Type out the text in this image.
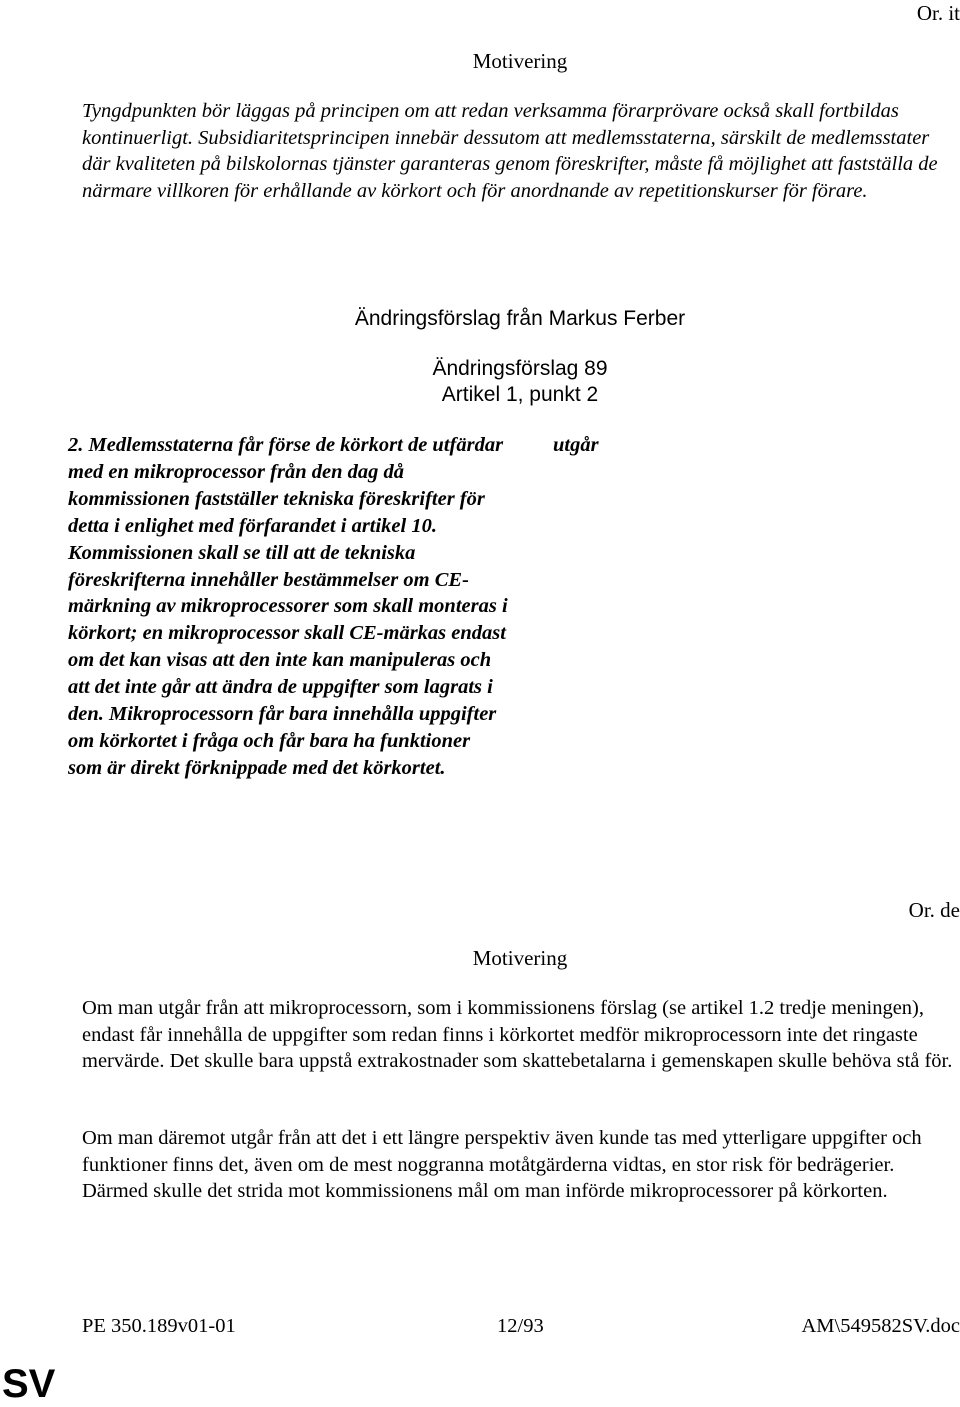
Or. it
Motivering
Tyngdpunkten bör läggas på principen om att redan verksamma förarprövare också skall fortbildas kontinuerligt. Subsidiaritetsprincipen innebär dessutom att medlemsstaterna, särskilt de medlemsstater där kvaliteten på bilskolornas tjänster garanteras genom föreskrifter, måste få möjlighet att fastställa de närmare villkoren för erhållande av körkort och för anordnande av repetitionskurser för förare.
Ändringsförslag från Markus Ferber
Ändringsförslag 89
Artikel 1, punkt 2
2. Medlemsstaterna får förse de körkort de utfärdar med en mikroprocessor från den dag då kommissionen fastställer tekniska föreskrifter för detta i enlighet med förfarandet i artikel 10. Kommissionen skall se till att de tekniska föreskrifterna innehåller bestämmelser om CE-märkning av mikroprocessorer som skall monteras i körkort; en mikroprocessor skall CE-märkas endast om det kan visas att den inte kan manipuleras och att det inte går att ändra de uppgifter som lagrats i den. Mikroprocessorn får bara innehålla uppgifter om körkortet i fråga och får bara ha funktioner som är direkt förknippade med det körkortet.
utgår
Or. de
Motivering
Om man utgår från att mikroprocessorn, som i kommissionens förslag (se artikel 1.2 tredje meningen), endast får innehålla de uppgifter som redan finns i körkortet medför mikroprocessorn inte det ringaste mervärde. Det skulle bara uppstå extrakostnader som skattebetalarna i gemenskapen skulle behöva stå för.
Om man däremot utgår från att det i ett längre perspektiv även kunde tas med ytterligare uppgifter och funktioner finns det, även om de mest noggranna motåtgärderna vidtas, en stor risk för bedrägerier. Därmed skulle det strida mot kommissionens mål om man införde mikroprocessorer på körkorten.
PE 350.189v01-01	12/93	AM\549582SV.doc
SV
